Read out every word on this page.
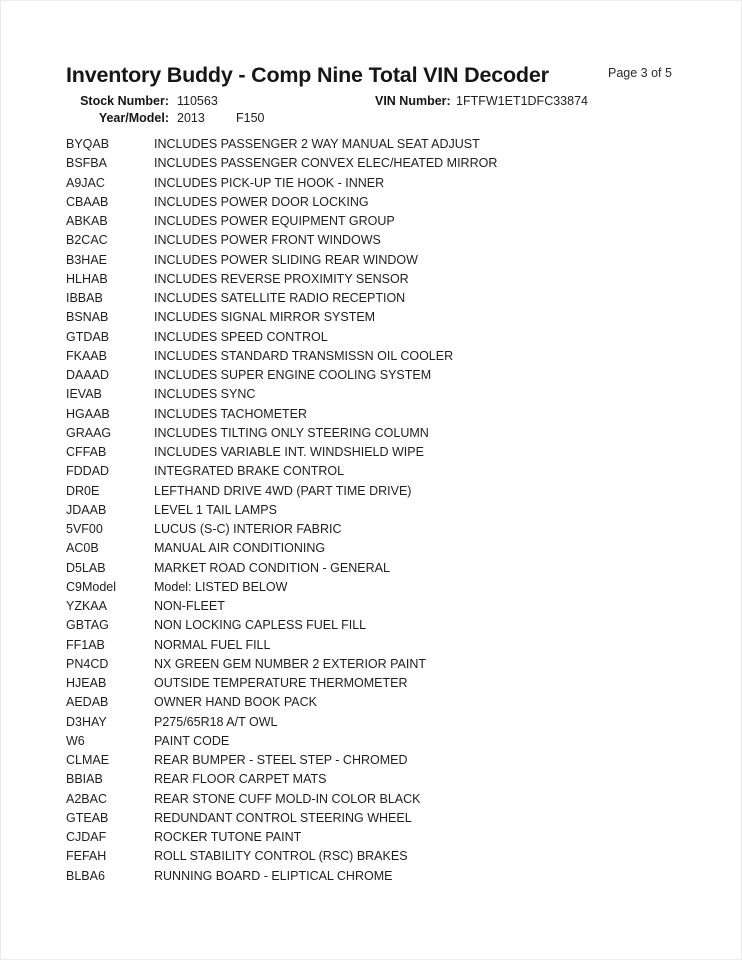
Inventory Buddy - Comp Nine Total VIN Decoder	Page 3 of 5
Stock Number: 110563	VIN Number: 1FTFW1ET1DFC33874
Year/Model: 2013 F150
BYQAB	INCLUDES PASSENGER 2 WAY MANUAL SEAT ADJUST
BSFBA	INCLUDES PASSENGER CONVEX ELEC/HEATED MIRROR
A9JAC	INCLUDES PICK-UP TIE HOOK - INNER
CBAAB	INCLUDES POWER DOOR LOCKING
ABKAB	INCLUDES POWER EQUIPMENT GROUP
B2CAC	INCLUDES POWER FRONT WINDOWS
B3HAE	INCLUDES POWER SLIDING REAR WINDOW
HLHAB	INCLUDES REVERSE PROXIMITY SENSOR
IBBAB	INCLUDES SATELLITE RADIO RECEPTION
BSNAB	INCLUDES SIGNAL MIRROR SYSTEM
GTDAB	INCLUDES SPEED CONTROL
FKAAB	INCLUDES STANDARD TRANSMISSN OIL COOLER
DAAAD	INCLUDES SUPER ENGINE COOLING SYSTEM
IEVAB	INCLUDES SYNC
HGAAB	INCLUDES TACHOMETER
GRAAG	INCLUDES TILTING ONLY STEERING COLUMN
CFFAB	INCLUDES VARIABLE INT. WINDSHIELD WIPE
FDDAD	INTEGRATED BRAKE CONTROL
DR0E	LEFTHAND DRIVE 4WD (PART TIME DRIVE)
JDAAB	LEVEL 1 TAIL LAMPS
5VF00	LUCUS (S-C) INTERIOR FABRIC
AC0B	MANUAL AIR CONDITIONING
D5LAB	MARKET ROAD CONDITION - GENERAL
C9Model	Model: LISTED BELOW
YZKAA	NON-FLEET
GBTAG	NON LOCKING CAPLESS FUEL FILL
FF1AB	NORMAL FUEL FILL
PN4CD	NX GREEN GEM NUMBER 2 EXTERIOR PAINT
HJEAB	OUTSIDE TEMPERATURE THERMOMETER
AEDAB	OWNER HAND BOOK PACK
D3HAY	P275/65R18 A/T OWL
W6	PAINT CODE
CLMAE	REAR BUMPER - STEEL STEP - CHROMED
BBIAB	REAR FLOOR CARPET MATS
A2BAC	REAR STONE CUFF MOLD-IN COLOR BLACK
GTEAB	REDUNDANT CONTROL STEERING WHEEL
CJDAF	ROCKER TUTONE PAINT
FEFAH	ROLL STABILITY CONTROL (RSC) BRAKES
BLBA6	RUNNING BOARD - ELIPTICAL CHROME
